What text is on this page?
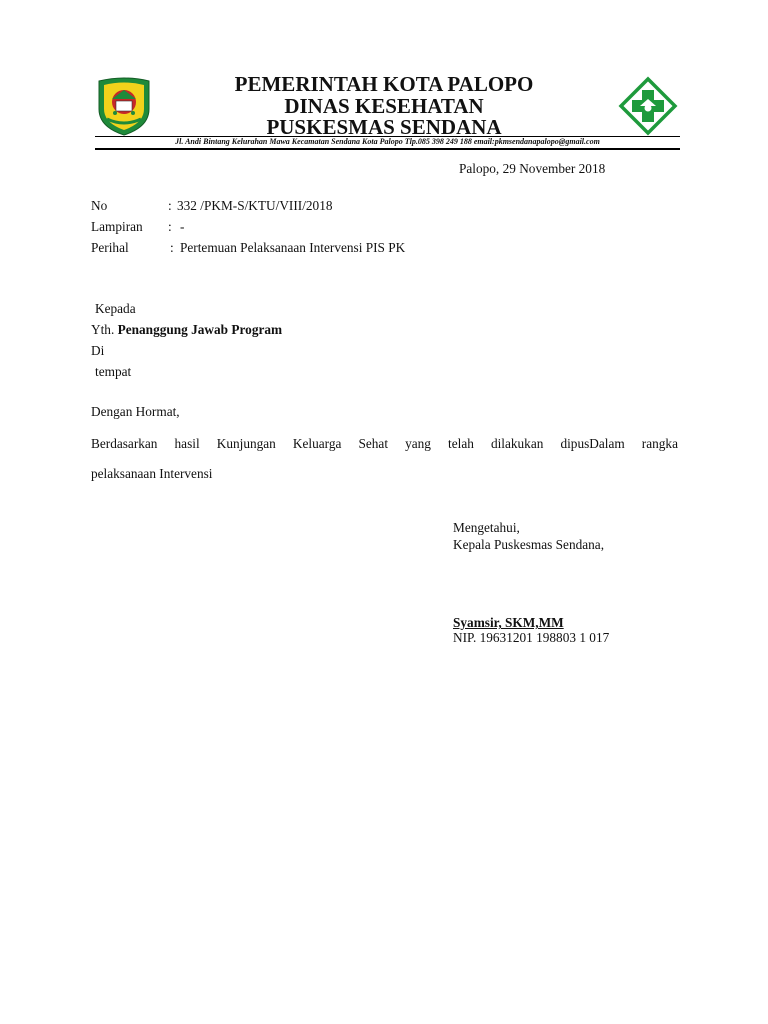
PEMERINTAH KOTA PALOPO
DINAS KESEHATAN
PUSKESMAS SENDANA
Jl. Andi Bintang Kelurahan Mawa Kecamatan Sendana Kota Palopo Tlp.085 398 249 188 email:pkmsendanapalopo@gmail.com
Palopo, 29 November 2018
No	: 332 /PKM-S/KTU/VIII/2018
Lampiran : -
Perihal	: Pertemuan Pelaksanaan Intervensi PIS PK
Kepada
Yth. Penanggung Jawab Program
Di
tempat
Dengan Hormat,
Berdasarkan hasil Kunjungan Keluarga Sehat yang telah dilakukan dipusDalam rangka
pelaksanaan Intervensi
Mengetahui,
Kepala Puskesmas Sendana,
Syamsir, SKM,MM
NIP. 19631201 198803 1 017
